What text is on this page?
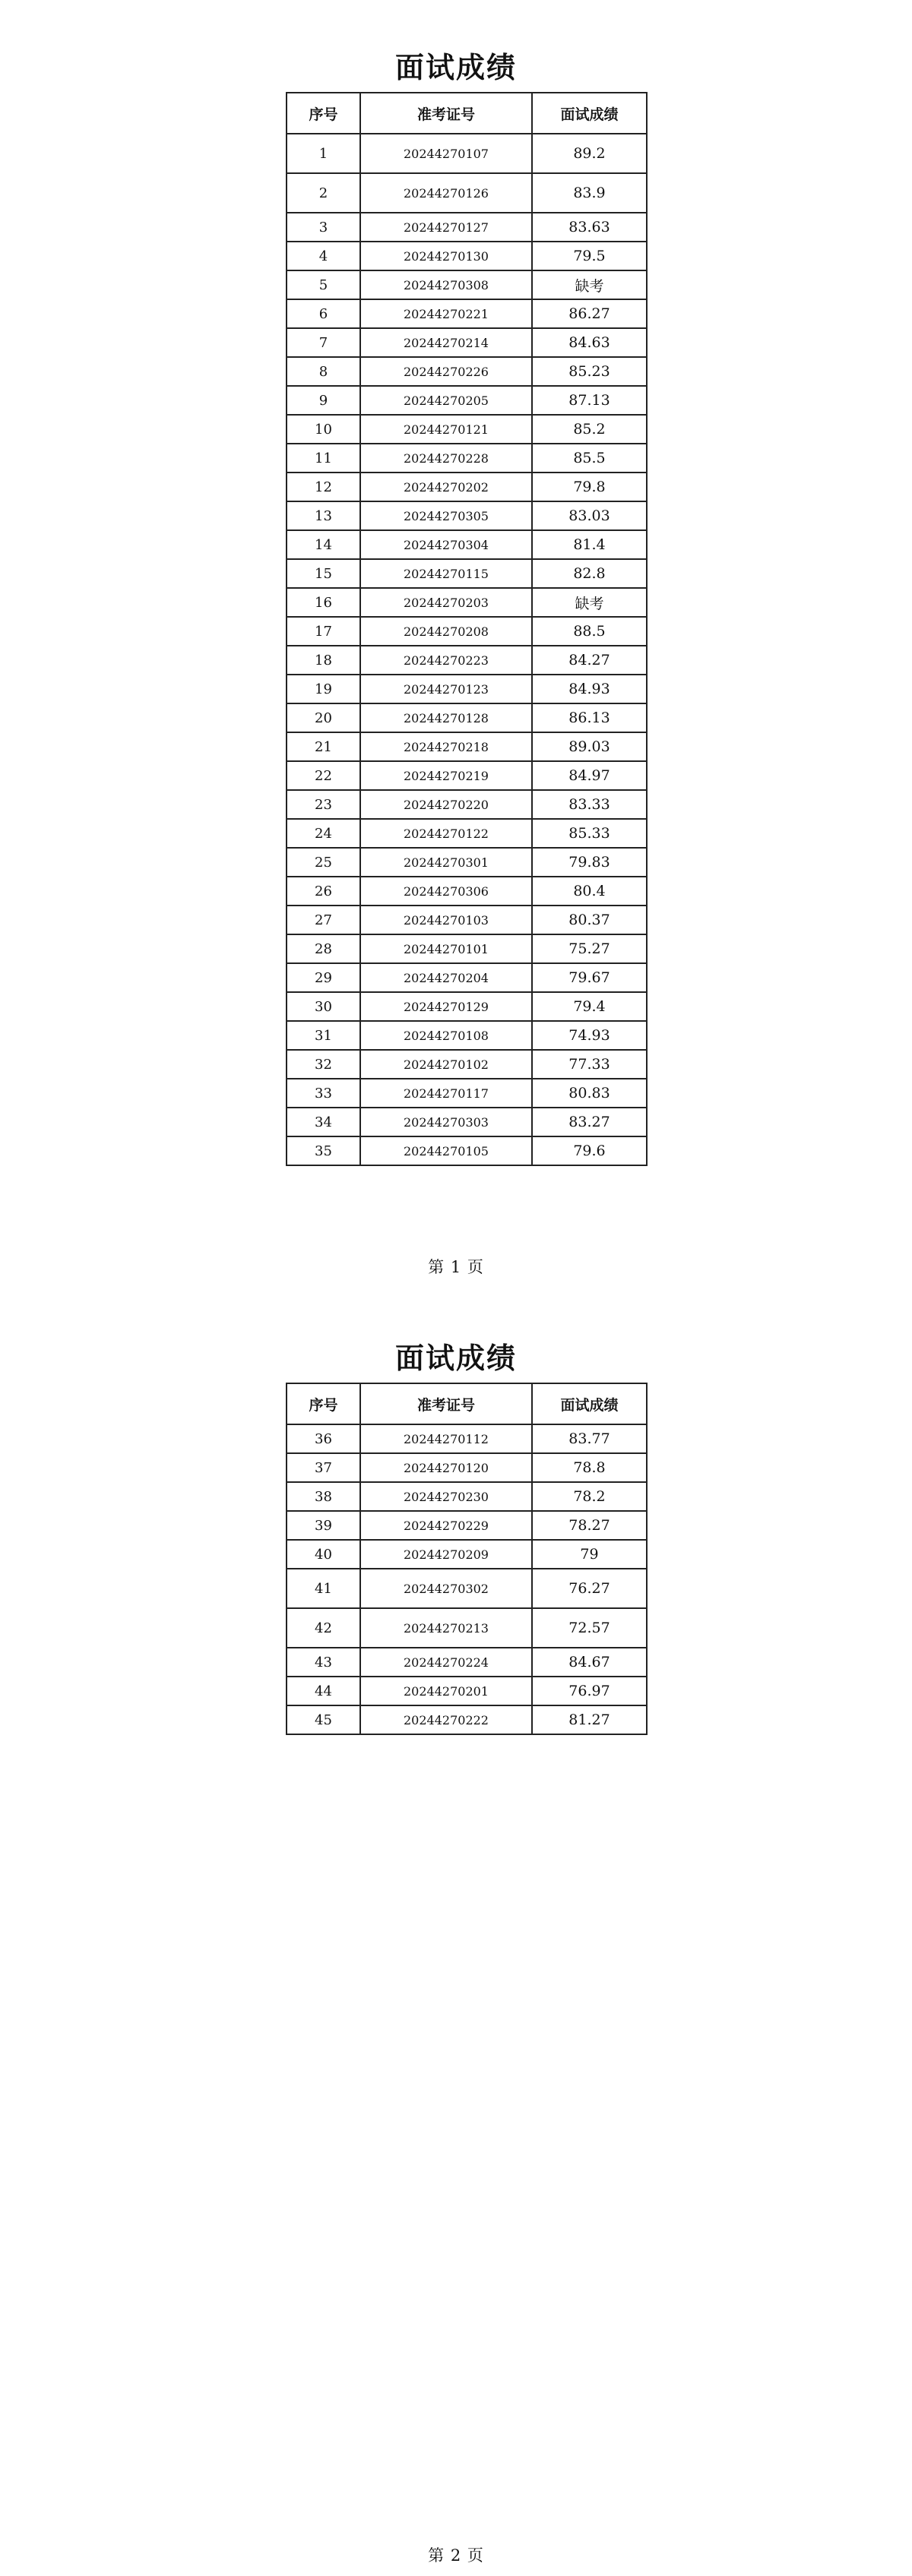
面试成绩
序号	准考证号	面试成绩
1	20244270107	89.2
2	20244270126	83.9
3	20244270127	83.63
4	20244270130	79.5
5	20244270308	缺考
6	20244270221	86.27
7	20244270214	84.63
8	20244270226	85.23
9	20244270205	87.13
10	20244270121	85.2
11	20244270228	85.5
12	20244270202	79.8
13	20244270305	83.03
14	20244270304	81.4
15	20244270115	82.8
16	20244270203	缺考
17	20244270208	88.5
18	20244270223	84.27
19	20244270123	84.93
20	20244270128	86.13
21	20244270218	89.03
22	20244270219	84.97
23	20244270220	83.33
24	20244270122	85.33
25	20244270301	79.83
26	20244270306	80.4
27	20244270103	80.37
28	20244270101	75.27
29	20244270204	79.67
30	20244270129	79.4
31	20244270108	74.93
32	20244270102	77.33
33	20244270117	80.83
34	20244270303	83.27
35	20244270105	79.6
第 1 页
面试成绩
序号	准考证号	面试成绩
36	20244270112	83.77
37	20244270120	78.8
38	20244270230	78.2
39	20244270229	78.27
40	20244270209	79
41	20244270302	76.27
42	20244270213	72.57
43	20244270224	84.67
44	20244270201	76.97
45	20244270222	81.27
第 2 页
